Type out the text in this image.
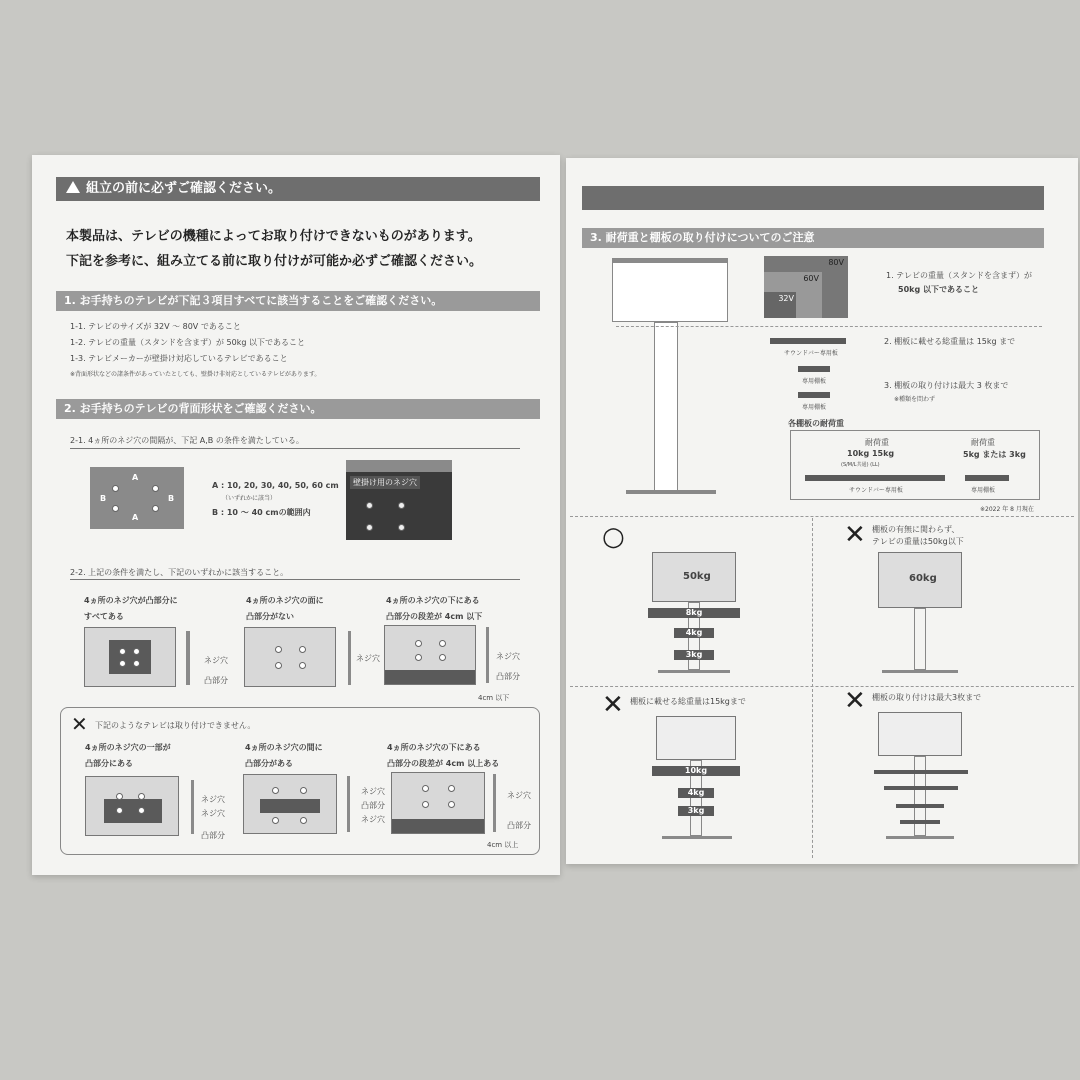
組立の前に必ずご確認ください。
本製品は、テレビの機種によってお取り付けできないものがあります。
下記を参考に、組み立てる前に取り付けが可能か必ずご確認ください。
1. お手持ちのテレビが下記３項目すべてに該当することをご確認ください。
1-1. テレビのサイズが 32V 〜 80V であること
1-2. テレビの重量（スタンドを含まず）が 50kg 以下であること
1-3. テレビメーカーが壁掛け対応しているテレビであること
※背面形状などの諸条件があっていたとしても、壁掛け非対応としているテレビがあります。
2. お手持ちのテレビの背面形状をご確認ください。
2-1. 4ヵ所のネジ穴の間隔が、下記 A,B の条件を満たしている。
A
A
B	B
A : 10, 20, 30, 40, 50, 60 cm
（いずれかに該当）
B : 10 〜 40 cmの範囲内
壁掛け用のネジ穴
2-2. 上記の条件を満たし、下記のいずれかに該当すること。
4ヵ所のネジ穴が凸部分に
すべてある
4ヵ所のネジ穴の面に
凸部分がない
4ヵ所のネジ穴の下にある
凸部分の段差が 4cm 以下
ネジ穴
凸部分
ネジ穴	ネジ穴
凸部分
4cm 以下
✕ 下記のようなテレビは取り付けできません。
4ヵ所のネジ穴の一部が
凸部分にある
4ヵ所のネジ穴の間に
凸部分がある
4ヵ所のネジ穴の下にある
凸部分の段差が 4cm 以上ある
ネジ穴
ネジ穴
凸部分
ネジ穴
凸部分
ネジ穴
ネジ穴
凸部分
4cm 以上
3. 耐荷重と棚板の取り付けについてのご注意
80V
60V
32V
1. テレビの重量（スタンドを含まず）が
50kg 以下であること
サウンドバー専用板
専用棚板
専用棚板
2. 棚板に載せる総重量は 15kg まで
3. 棚板の取り付けは最大 3 枚まで
※種類を問わず
各棚板の耐荷重
耐荷重
10kg 15kg
(S/M/L共通) (LL)
耐荷重
5kg または 3kg
サウンドバー専用板	専用棚板
※2022 年 8 月現在
○
50kg
8kg
4kg
3kg
✕ 棚板の有無に関わらず、
テレビの重量は50kg以下
60kg
✕ 棚板に載せる総重量は15kgまで
10kg
4kg
3kg
✕ 棚板の取り付けは最大3枚まで
